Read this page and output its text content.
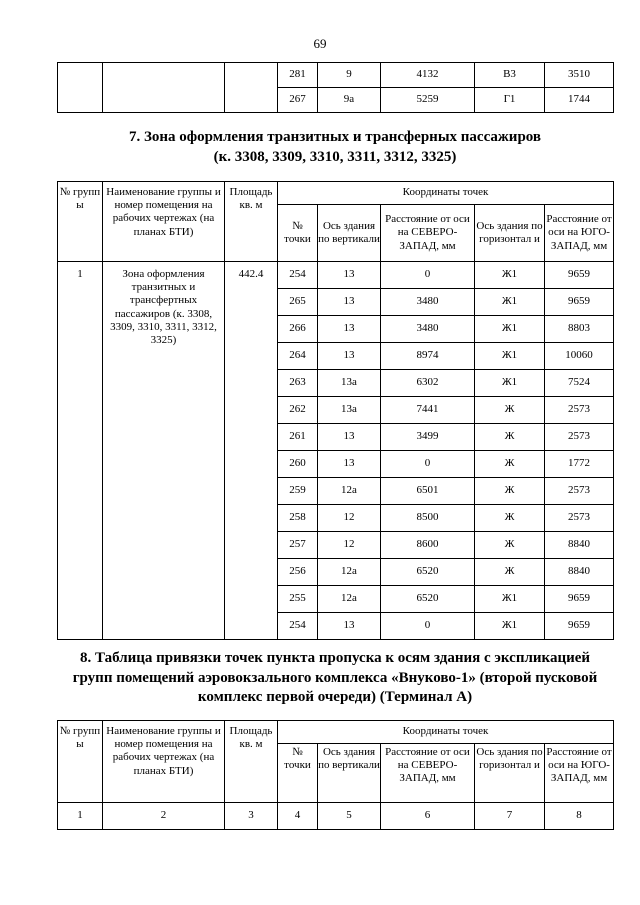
69
			281	9	4132	В3	3510
			267	9а	5259	Г1	1744
7. Зона оформления транзитных и трансферных пассажиров
(к. 3308, 3309, 3310, 3311, 3312, 3325)
№ групп ы	Наименование группы и номер помещения на рабочих чертежах (на планах БТИ)	Площадь кв. м	Координаты точек				
			№ точки	Ось здания по вертикали	Расстояние от оси на СЕВЕРО-ЗАПАД, мм	Ось здания по горизонтал и	Расстояние от оси на ЮГО-ЗАПАД, мм
1	Зона оформления транзитных и трансфертных пассажиров (к. 3308, 3309, 3310, 3311, 3312, 3325)	442.4	254	13	0	Ж1	9659
			265	13	3480	Ж1	9659
			266	13	3480	Ж1	8803
			264	13	8974	Ж1	10060
			263	13а	6302	Ж1	7524
			262	13а	7441	Ж	2573
			261	13	3499	Ж	2573
			260	13	0	Ж	1772
			259	12а	6501	Ж	2573
			258	12	8500	Ж	2573
			257	12	8600	Ж	8840
			256	12а	6520	Ж	8840
			255	12а	6520	Ж1	9659
			254	13	0	Ж1	9659
8. Таблица привязки точек пункта пропуска к осям здания с экспликацией
групп помещений аэровокзального комплекса «Внуково-1» (второй пусковой
комплекс первой очереди) (Терминал А)
№ групп ы	Наименование группы и номер помещения на рабочих чертежах (на планах БТИ)	Площадь кв. м	Координаты точек				
			№ точки	Ось здания по вертикали	Расстояние от оси на СЕВЕРО-ЗАПАД, мм	Ось здания по горизонтал и	Расстояние от оси на ЮГО-ЗАПАД, мм
1	2	3	4	5	6	7	8
